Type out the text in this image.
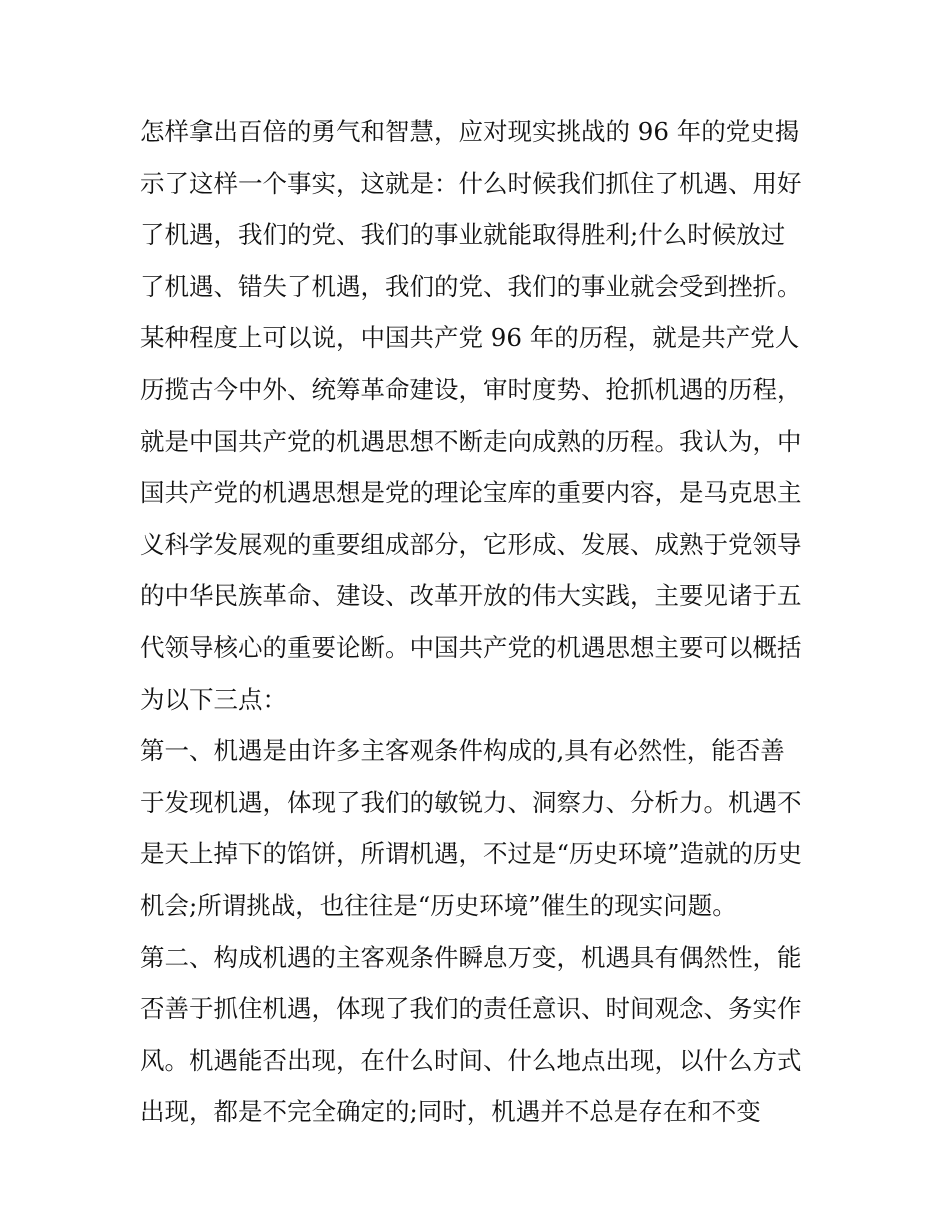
怎样拿出百倍的勇气和智慧，应对现实挑战的 96 年的党史揭
示了这样一个事实，这就是：什么时候我们抓住了机遇、用好
了机遇，我们的党、我们的事业就能取得胜利;什么时候放过
了机遇、错失了机遇，我们的党、我们的事业就会受到挫折。
某种程度上可以说，中国共产党 96 年的历程，就是共产党人
历揽古今中外、统筹革命建设，审时度势、抢抓机遇的历程，
就是中国共产党的机遇思想不断走向成熟的历程。我认为，中
国共产党的机遇思想是党的理论宝库的重要内容，是马克思主
义科学发展观的重要组成部分，它形成、发展、成熟于党领导
的中华民族革命、建设、改革开放的伟大实践，主要见诸于五
代领导核心的重要论断。中国共产党的机遇思想主要可以概括
为以下三点：
第一、机遇是由许多主客观条件构成的,具有必然性，能否善
于发现机遇，体现了我们的敏锐力、洞察力、分析力。机遇不
是天上掉下的馅饼，所谓机遇，不过是“历史环境”造就的历史
机会;所谓挑战，也往往是“历史环境”催生的现实问题。
第二、构成机遇的主客观条件瞬息万变，机遇具有偶然性，能
否善于抓住机遇，体现了我们的责任意识、时间观念、务实作
风。机遇能否出现，在什么时间、什么地点出现，以什么方式
出现，都是不完全确定的;同时，机遇并不总是存在和不变
